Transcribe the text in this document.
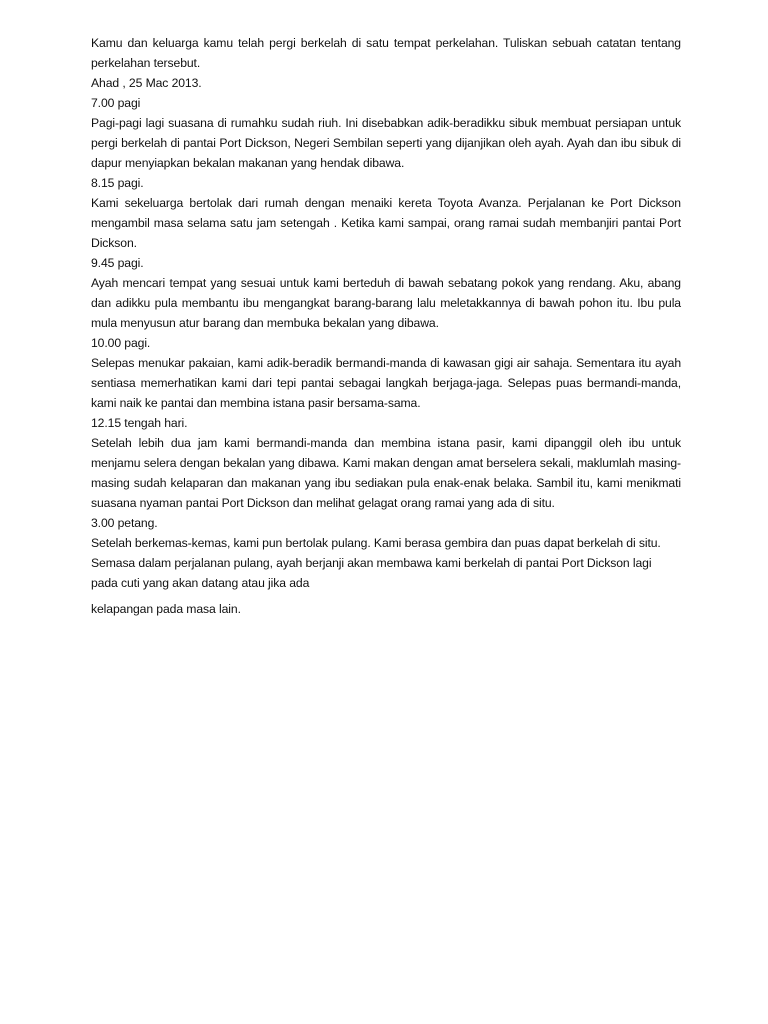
Kamu dan keluarga kamu telah pergi berkelah di satu tempat perkelahan. Tuliskan sebuah catatan tentang perkelahan tersebut.

Ahad , 25 Mac 2013.

7.00 pagi

Pagi-pagi lagi suasana di rumahku sudah riuh. Ini disebabkan adik-beradikku sibuk membuat persiapan untuk pergi berkelah di pantai Port Dickson, Negeri Sembilan seperti yang dijanjikan oleh ayah. Ayah dan ibu sibuk di dapur menyiapkan bekalan makanan yang hendak dibawa.

8.15 pagi.

Kami sekeluarga bertolak dari rumah dengan menaiki kereta Toyota Avanza. Perjalanan ke Port Dickson mengambil masa selama satu jam setengah . Ketika kami sampai, orang ramai sudah membanjiri pantai Port Dickson.

9.45 pagi.

Ayah mencari tempat yang sesuai untuk kami berteduh di bawah sebatang pokok yang rendang. Aku, abang dan adikku pula membantu ibu mengangkat barang-barang lalu meletakkannya di bawah pohon itu. Ibu pula mula menyusun atur barang dan membuka bekalan yang dibawa.

10.00 pagi.

Selepas menukar pakaian, kami adik-beradik bermandi-manda di kawasan gigi air sahaja. Sementara itu ayah sentiasa memerhatikan kami dari tepi pantai sebagai langkah berjaga-jaga. Selepas puas bermandi-manda, kami naik ke pantai dan membina istana pasir bersama-sama.

12.15 tengah hari.

Setelah lebih dua jam kami bermandi-manda dan membina istana pasir, kami dipanggil oleh ibu untuk menjamu selera dengan bekalan yang dibawa. Kami makan dengan amat berselera sekali, maklumlah masing-masing sudah kelaparan dan makanan yang ibu sediakan pula enak-enak belaka. Sambil itu, kami menikmati suasana nyaman pantai Port Dickson dan melihat gelagat orang ramai yang ada di situ.

3.00 petang.

Setelah berkemas-kemas, kami pun bertolak pulang. Kami berasa gembira dan puas dapat berkelah di situ. Semasa dalam perjalanan pulang, ayah berjanji akan membawa kami berkelah di pantai Port Dickson lagi pada cuti yang akan datang atau jika ada

kelapangan pada masa lain.
